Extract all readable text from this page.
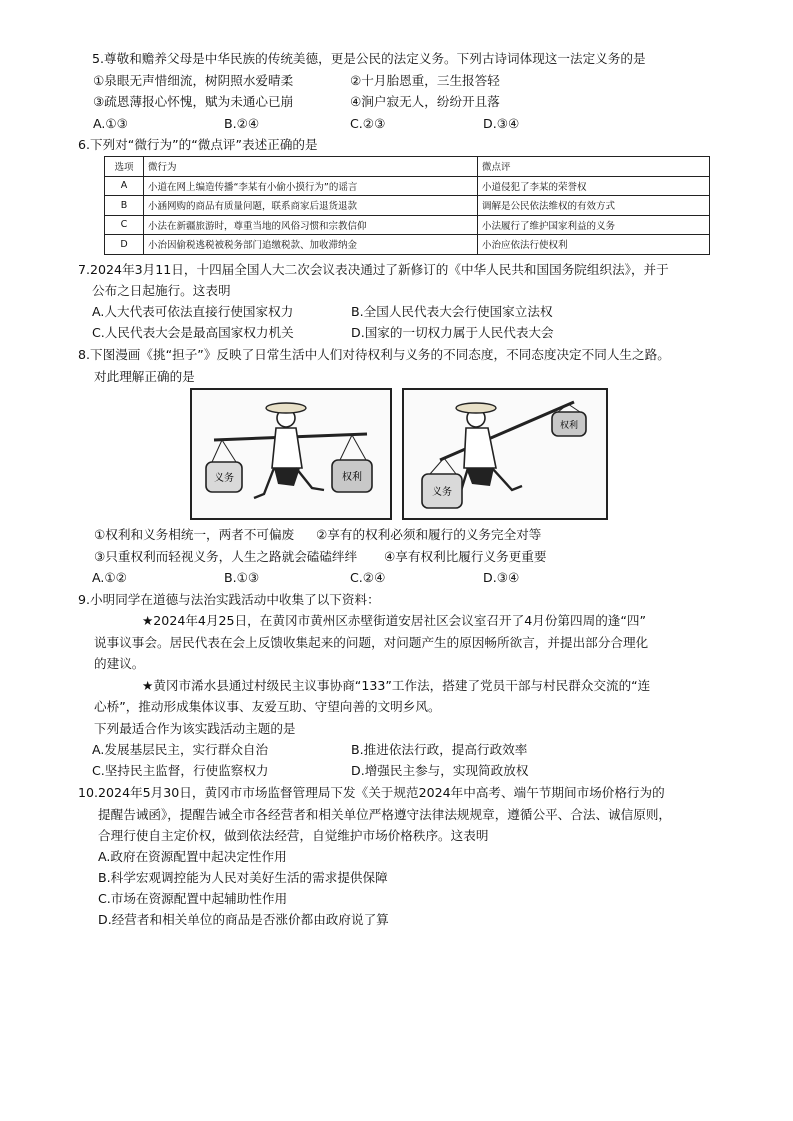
5.尊敬和赡养父母是中华民族的传统美德，更是公民的法定义务。下列古诗词体现这一法定义务的是
①泉眼无声惜细流，树阴照水爱晴柔	②十月胎恩重，三生报答轻
③疏恩薄报心怀愧，赋为未通心已崩	④涧户寂无人，纷纷开且落
A.①③	B.②④	C.②③	D.③④
6.下列对“微行为”的“微点评”表述正确的是
选项	微行为	微点评
A	小道在网上编造传播“李某有小偷小摸行为”的谣言	小道侵犯了李某的荣誉权
B	小涵网购的商品有质量问题，联系商家后退货退款	调解是公民依法维权的有效方式
C	小法在新疆旅游时，尊重当地的风俗习惯和宗教信仰	小法履行了维护国家利益的义务
D	小治因偷税逃税被税务部门追缴税款、加收滞纳金	小治应依法行使权利
7.2024年3月11日，十四届全国人大二次会议表决通过了新修订的《中华人民共和国国务院组织法》，并于
公布之日起施行。这表明
A.人大代表可依法直接行使国家权力	B.全国人民代表大会行使国家立法权
C.人民代表大会是最高国家权力机关	D.国家的一切权力属于人民代表大会
8.下图漫画《挑“担子”》反映了日常生活中人们对待权利与义务的不同态度，不同态度决定不同人生之路。
对此理解正确的是
义务	权利
义务
权利
①权利和义务相统一，两者不可偏废 ②享有的权利必须和履行的义务完全对等
③只重权利而轻视义务，人生之路就会磕磕绊绊 ④享有权利比履行义务更重要
A.①②	B.①③	C.②④	D.③④
9.小明同学在道德与法治实践活动中收集了以下资料：
★2024年4月25日，在黄冈市黄州区赤壁街道安居社区会议室召开了4月份第四周的逢“四”
说事议事会。居民代表在会上反馈收集起来的问题，对问题产生的原因畅所欲言，并提出部分合理化
的建议。
★黄冈市浠水县通过村级民主议事协商“133”工作法，搭建了党员干部与村民群众交流的“连
心桥”，推动形成集体议事、友爱互助、守望向善的文明乡风。
下列最适合作为该实践活动主题的是
A.发展基层民主，实行群众自治	B.推进依法行政，提高行政效率
C.坚持民主监督，行使监察权力	D.增强民主参与，实现简政放权
10.2024年5月30日，黄冈市市场监督管理局下发《关于规范2024年中高考、端午节期间市场价格行为的
提醒告诫函》，提醒告诫全市各经营者和相关单位严格遵守法律法规规章，遵循公平、合法、诚信原则，
合理行使自主定价权，做到依法经营，自觉维护市场价格秩序。这表明
A.政府在资源配置中起决定性作用
B.科学宏观调控能为人民对美好生活的需求提供保障
C.市场在资源配置中起辅助性作用
D.经营者和相关单位的商品是否涨价都由政府说了算
